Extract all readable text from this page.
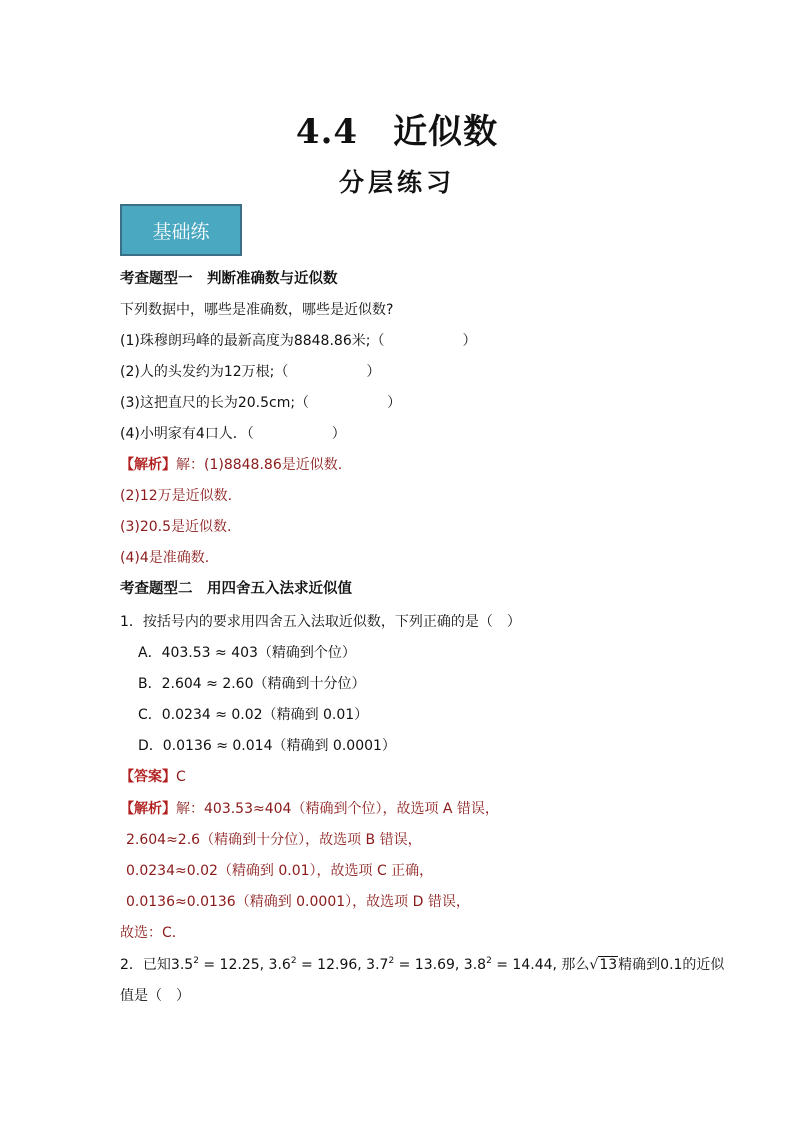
4.4　近似数
分层练习
基础练
考查题型一　判断准确数与近似数
下列数据中，哪些是准确数，哪些是近似数?
(1)珠穆朗玛峰的最新高度为8848.86米;（	）
(2)人的头发约为12万根;（	）
(3)这把直尺的长为20.5cm;（	）
(4)小明家有4口人．（	）
【解析】解：(1)8848.86是近似数.
(2)12万是近似数.
(3)20.5是近似数.
(4)4是准确数.
考查题型二　用四舍五入法求近似值
1．按括号内的要求用四舍五入法取近似数，下列正确的是（　）
A．403.53 ≈ 403（精确到个位）
B．2.604 ≈ 2.60（精确到十分位）
C．0.0234 ≈ 0.02（精确到 0.01）
D．0.0136 ≈ 0.014（精确到 0.0001）
【答案】C
【解析】解：403.53≈404（精确到个位），故选项 A 错误，
2.604≈2.6（精确到十分位），故选项 B 错误，
0.0234≈0.02（精确到 0.01），故选项 C 正确，
0.0136≈0.0136（精确到 0.0001），故选项 D 错误，
故选：C．
2．已知$3.5^2 = 12.25$, $3.6^2 = 12.96$, $3.7^2 = 13.69$, $3.8^2 = 14.44$, 那么√13精确到0.1的近似
值是（　）
